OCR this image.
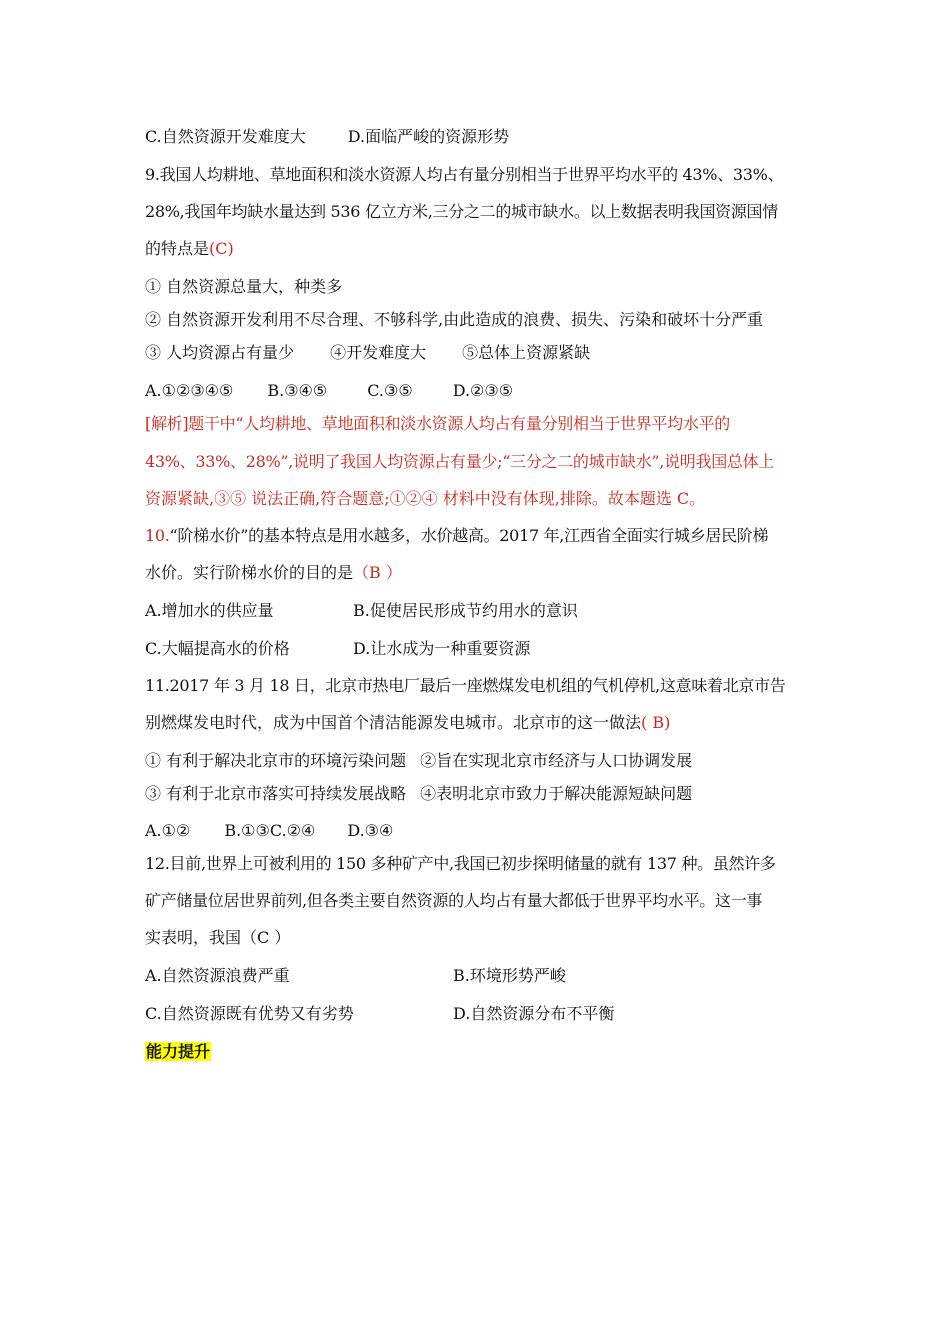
C.自然资源开发难度大	D.面临严峻的资源形势
9.我国人均耕地、草地面积和淡水资源人均占有量分别相当于世界平均水平的 43%、33%、
28%,我国年均缺水量达到 536 亿立方米,三分之二的城市缺水。以上数据表明我国资源国情
的特点是(C)
① 自然资源总量大，种类多
② 自然资源开发利用不尽合理、不够科学,由此造成的浪费、损失、污染和破坏十分严重
③ 人均资源占有量少 ④开发难度大 ⑤总体上资源紧缺
A.①②③④⑤ B.③④⑤	C.③⑤	D.②③⑤
[解析]题干中“人均耕地、草地面积和淡水资源人均占有量分别相当于世界平均水平的
43%、33%、28%”,说明了我国人均资源占有量少;“三分之二的城市缺水”,说明我国总体上
资源紧缺,③⑤ 说法正确,符合题意;①②④ 材料中没有体现,排除。故本题选 C。
10.“阶梯水价”的基本特点是用水越多，水价越高。2017 年,江西省全面实行城乡居民阶梯
水价。实行阶梯水价的目的是（B ）
A.增加水的供应量	B.促使居民形成节约用水的意识
C.大幅提高水的价格	D.让水成为一种重要资源
11.2017 年 3 月 18 日，北京市热电厂最后一座燃煤发电机组的气机停机,这意味着北京市告
别燃煤发电时代，成为中国首个清洁能源发电城市。北京市的这一做法( B)
① 有利于解决北京市的环境污染问题 ②旨在实现北京市经济与人口协调发展
③ 有利于北京市落实可持续发展战略 ④表明北京市致力于解决能源短缺问题
A.①② B.①③C.②④ D.③④
12.目前,世界上可被利用的 150 多种矿产中,我国已初步探明储量的就有 137 种。虽然许多
矿产储量位居世界前列,但各类主要自然资源的人均占有量大都低于世界平均水平。这一事
实表明，我国（C ）
A.自然资源浪费严重	B.环境形势严峻
C.自然资源既有优势又有劣势	D.自然资源分布不平衡
能力提升
